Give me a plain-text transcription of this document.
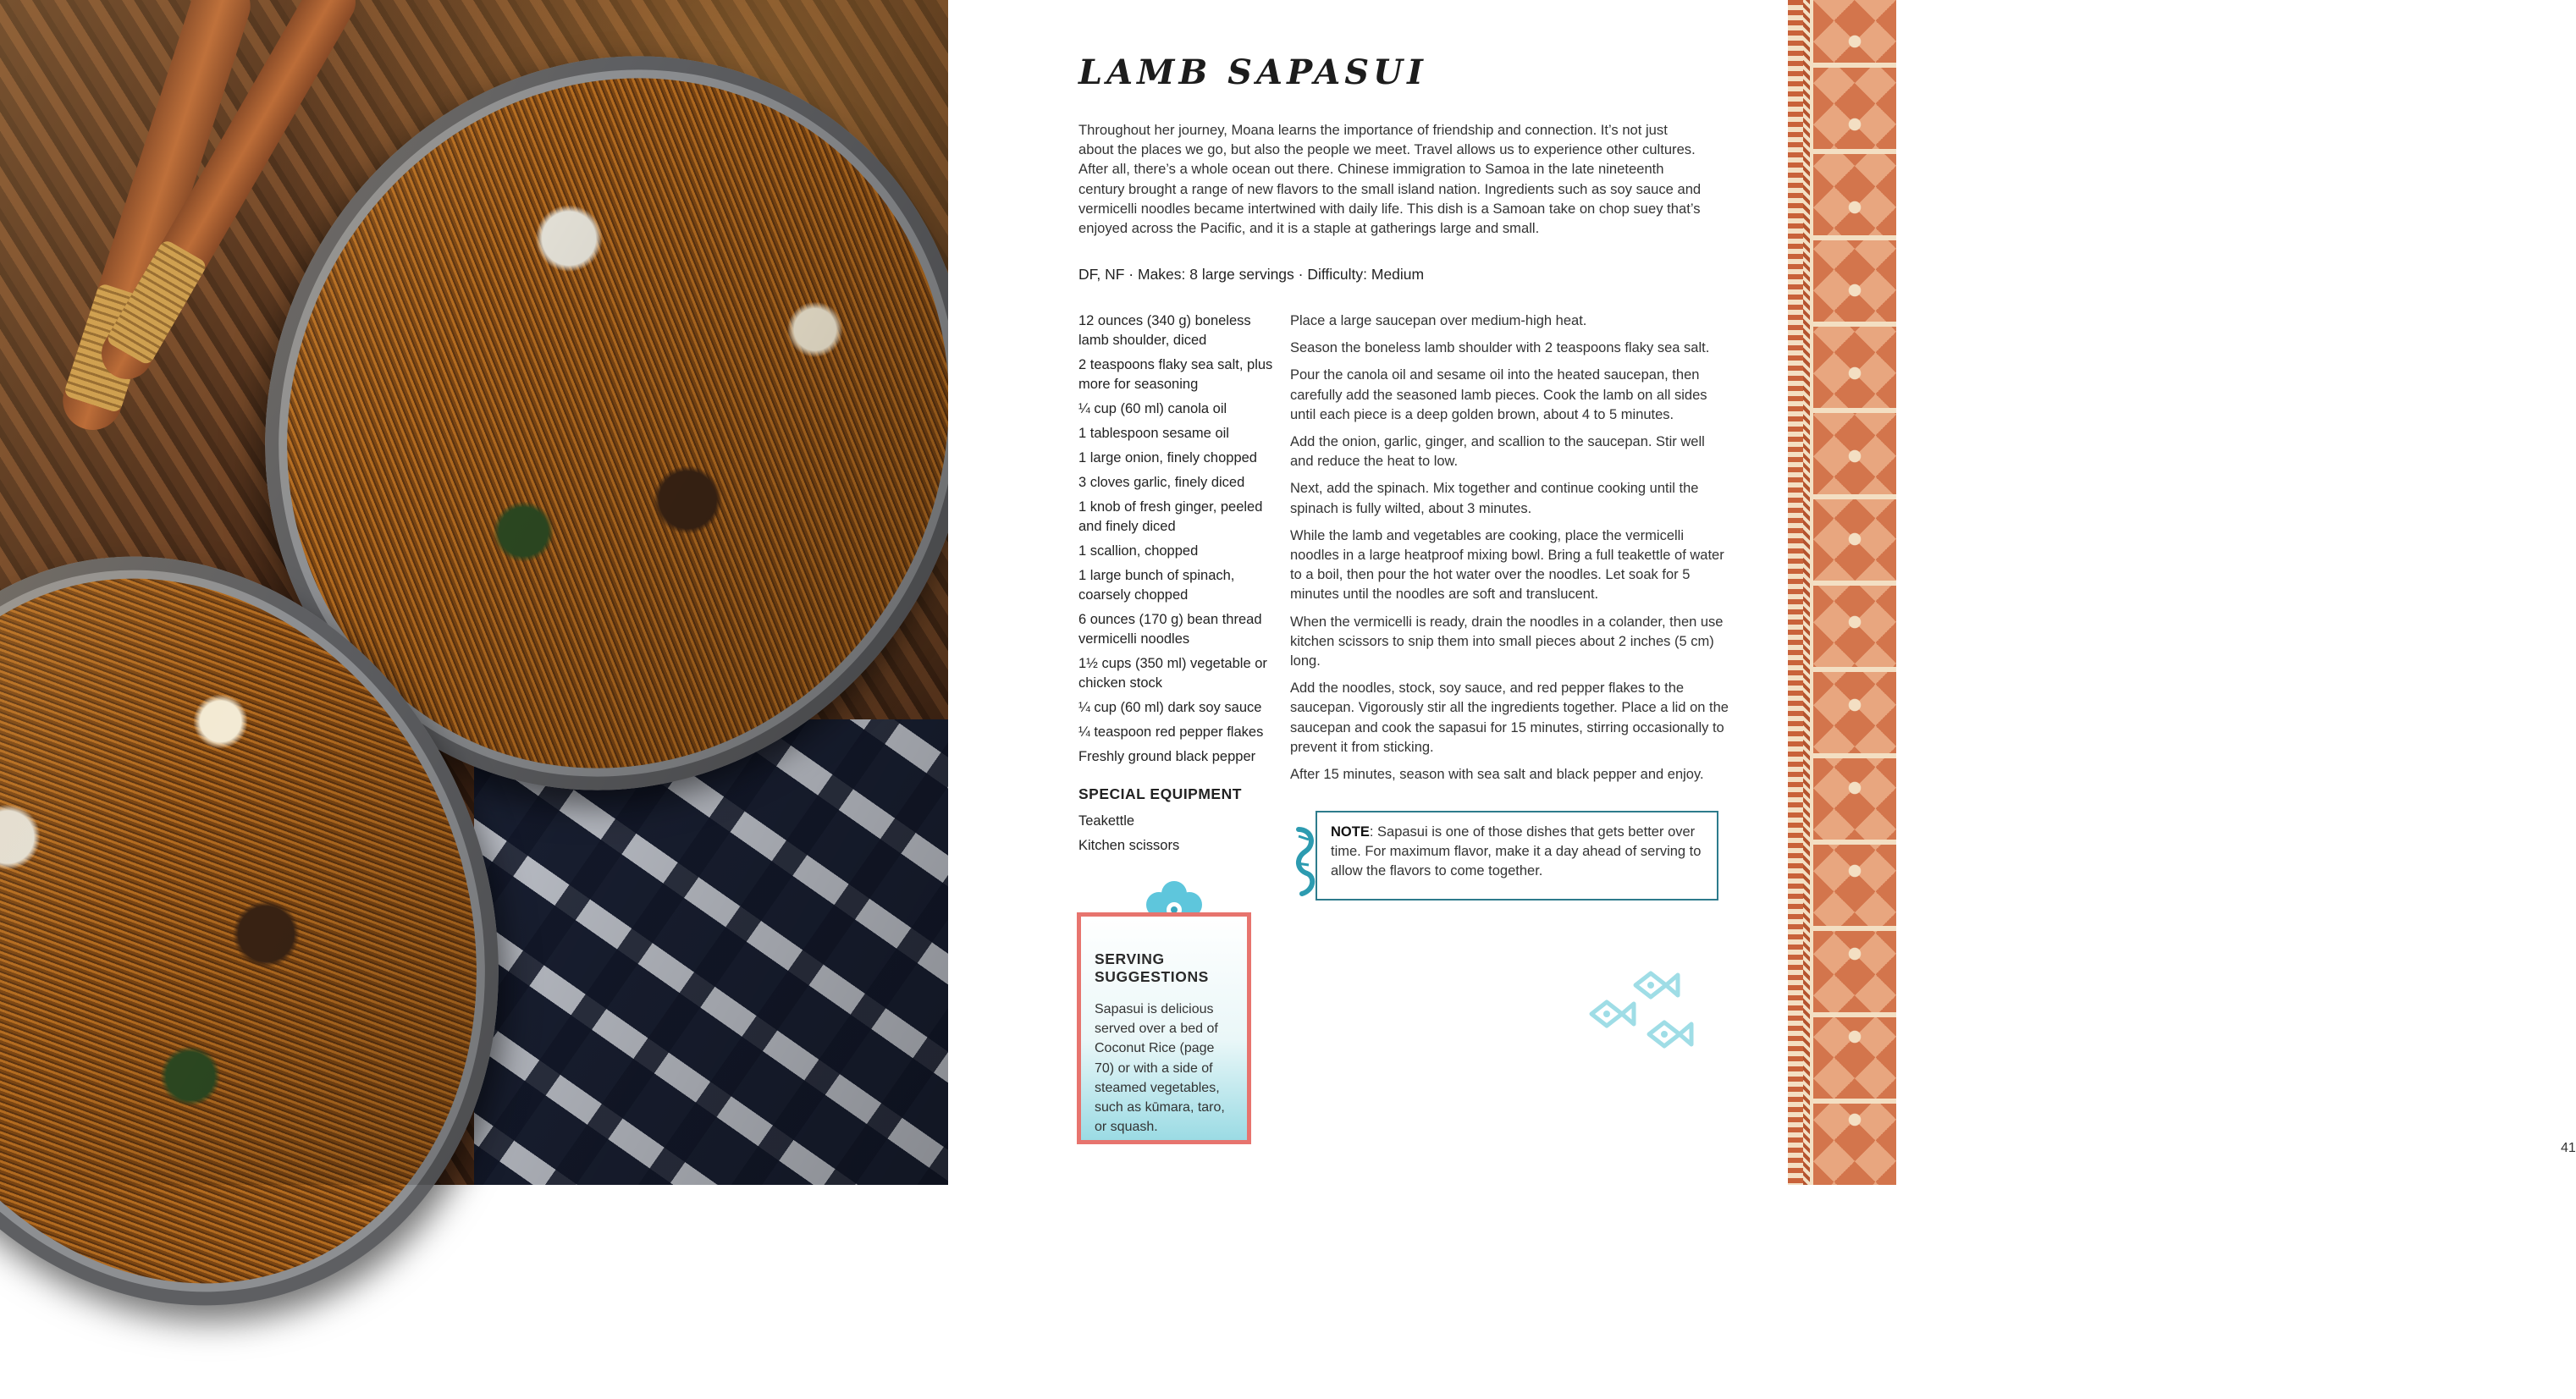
LAMB SAPASUI

Throughout her journey, Moana learns the importance of friendship and connection. It’s not just about the places we go, but also the people we meet. Travel allows us to experience other cultures. After all, there’s a whole ocean out there. Chinese immigration to Samoa in the late nineteenth century brought a range of new flavors to the small island nation. Ingredients such as soy sauce and vermicelli noodles became intertwined with daily life. This dish is a Samoan take on chop suey that’s enjoyed across the Pacific, and it is a staple at gatherings large and small.

DF, NF · Makes: 8 large servings · Difficulty: Medium
12 ounces (340 g) boneless lamb shoulder, diced
2 teaspoons flaky sea salt, plus more for seasoning
¼ cup (60 ml) canola oil
1 tablespoon sesame oil
1 large onion, finely chopped
3 cloves garlic, finely diced
1 knob of fresh ginger, peeled and finely diced
1 scallion, chopped
1 large bunch of spinach, coarsely chopped
6 ounces (170 g) bean thread vermicelli noodles
1½ cups (350 ml) vegetable or chicken stock
¼ cup (60 ml) dark soy sauce
¼ teaspoon red pepper flakes
Freshly ground black pepper
SPECIAL EQUIPMENT
Teakettle
Kitchen scissors
Place a large saucepan over medium-high heat.
Season the boneless lamb shoulder with 2 teaspoons flaky sea salt.
Pour the canola oil and sesame oil into the heated saucepan, then carefully add the seasoned lamb pieces. Cook the lamb on all sides until each piece is a deep golden brown, about 4 to 5 minutes.
Add the onion, garlic, ginger, and scallion to the saucepan. Stir well and reduce the heat to low.
Next, add the spinach. Mix together and continue cooking until the spinach is fully wilted, about 3 minutes.
While the lamb and vegetables are cooking, place the vermicelli noodles in a large heatproof mixing bowl. Bring a full teakettle of water to a boil, then pour the hot water over the noodles. Let soak for 5 minutes until the noodles are soft and translucent.
When the vermicelli is ready, drain the noodles in a colander, then use kitchen scissors to snip them into small pieces about 2 inches (5 cm) long.
Add the noodles, stock, soy sauce, and red pepper flakes to the saucepan. Vigorously stir all the ingredients together. Place a lid on the saucepan and cook the sapasui for 15 minutes, stirring occasionally to prevent it from sticking.
After 15 minutes, season with sea salt and black pepper and enjoy.
NOTE: Sapasui is one of those dishes that gets better over time. For maximum flavor, make it a day ahead of serving to allow the flavors to come together.
SERVING SUGGESTIONS
Sapasui is delicious served over a bed of Coconut Rice (page 70) or with a side of steamed vegetables, such as kūmara, taro, or squash.
41
